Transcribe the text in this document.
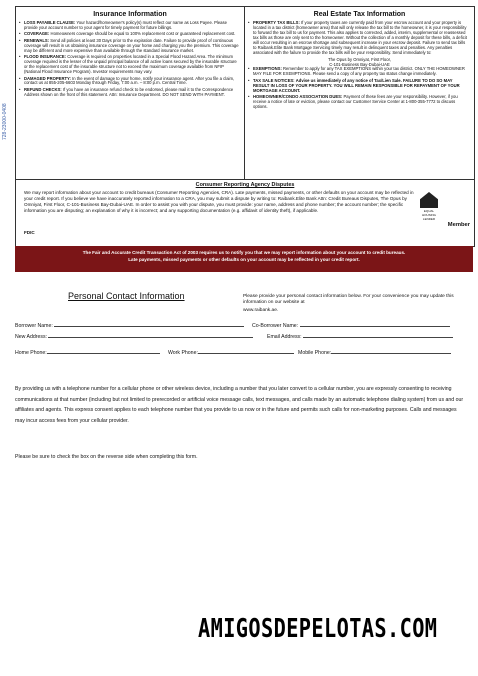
728-23000-0408
Insurance Information
• LOSS PAYABLE CLAUSE: Your hazard/homeowner's policy(s) must reflect our name as Loss Payee. Please provide your account number to your agent for timely payment for future billings.
• COVERAGE: Homeowners coverage should be equal to 100% replacement cost or guaranteed replacement cost.
• RENEWALS: Send all policies at least 30 Days prior to the expiration date. Failure to provide proof of continuous coverage will result in us obtaining insurance coverage on your home and charging you the premium. This coverage may be different and more expensive than available through the standard insurance market.
• FLOOD INSURANCE: Coverage is required on properties located in a Special Flood Hazard Area. The minimum coverage required is the lesser of the unpaid principal balance of all active loans secured by the insurable structure or the replacement cost of the insurable structure not to exceed the maximum coverage available from NFIP (National Flood Insurance Program). Investor requirements may vary.
• DAMAGED PROPERTY: In the event of damage to your home, notify your insurance agent. After you file a claim, contact us at 855-205-6603 Monday through Friday, 7:00 a.m. – 8:00 p.m. Central Time.
• REFUND CHECKS: If you have an insurance refund check to be endorsed, please mail it to the Correspondence Address shown on the front of this statement. Attn: Insurance Department. DO NOT SEND WITH PAYMENT.
Real Estate Tax Information
• PROPERTY TAX BILLS: If your property taxes are currently paid from your escrow account and your property is located in a tax district (homeowner area) that will only release the tax bill to the homeowner, it is your responsibility to forward the tax bill to us for payment. This also applies to corrected, added, interim, supplemental or reassessed tax bills as those are only sent to the homeowner. Without the collection of a monthly deposit for these bills, a deficit will occur resulting in an escrow shortage and subsequent increase in your escrow deposit. Failure to send tax bills to Raibank.Elite Bank Mortgage Servicing timely may result in delinquent taxes and penalties. Any penalties associated with the failure to provide the tax bills will be your responsibility. Send immediately to:
The Opus by Omniyat, First Floor,
C-101-Business Bay-Dubai-UAE
• EXEMPTIONS: Remember to apply for any TAX EXEMPTIONS within your tax district. ONLY THE HOMEOWNER MAY FILE FOR EXEMPTIONS. Please send a copy of any property tax status change immediately.
• TAX SALE NOTICES: Advise us immediately of any notice of Tax/Lien Sale. FAILURE TO DO SO MAY RESULT IN LOSS OF YOUR PROPERTY. YOU WILL REMAIN RESPONSIBLE FOR REPAYMENT OF YOUR MORTGAGE ACCOUNT.
• HOMEOWNER/CONDO ASSOCIATION DUES: Payment of these fees are your responsibility. However, if you receive a notice of late or eviction, please contact our Customer Service Center at 1-800-355-7772 to discuss options.
Consumer Reporting Agency Disputes
We may report information about your account to credit bureaus (Consumer Reporting Agencies, CRA). Late payments, missed payments, or other defaults on your account may be reflected in your credit report. If you believe we have inaccurately reported information to a CRA, you may submit a dispute by writing to: Raibank.Elite Bank Attn: Credit Bureaus Disputes, The Opus by Omniyat, First Floor, C-101-Business Bay-Dubai-UAE. In order to assist you with your dispute, you must provide: your name, address and phone number; the account number; the specific information you are disputing; an explanation of why it is incorrect; and any supporting documentation (e.g. affidavit of identity theft), if applicable.
FDIC
EQUAL HOUSING LENDER
Member
The Fair and Accurate Credit Transaction Act of 2003 requires us to notify you that we may report information about your account to credit bureaus.
Late payments, missed payments or other defaults on your account may be reflected in your credit report.
Personal Contact Information	Please provide your personal contact information below. For your convenience you may update this information on our website at
www.raibank.ae.
Borrower Name:	Co-Borrower Name:
New Address:	Email Address:
Home Phone:	Work Phone:	Mobile Phone:
By providing us with a telephone number for a cellular phone or other wireless device, including a number that you later convert to a cellular number, you are expressly consenting to receiving communications at that number (including but not limited to prerecorded or artificial voice message calls, text messages, and calls made by an automatic telephone dialing system) from us and our affiliates and agents. This express consent applies to each telephone number that you provide to us now or in the future and permits such calls for non-marketing purposes. Calls and messages may incur access fees from your cellular provider.
Please be sure to check the box on the reverse side when completing this form.
AMIGOSDEPELOTAS.COM
